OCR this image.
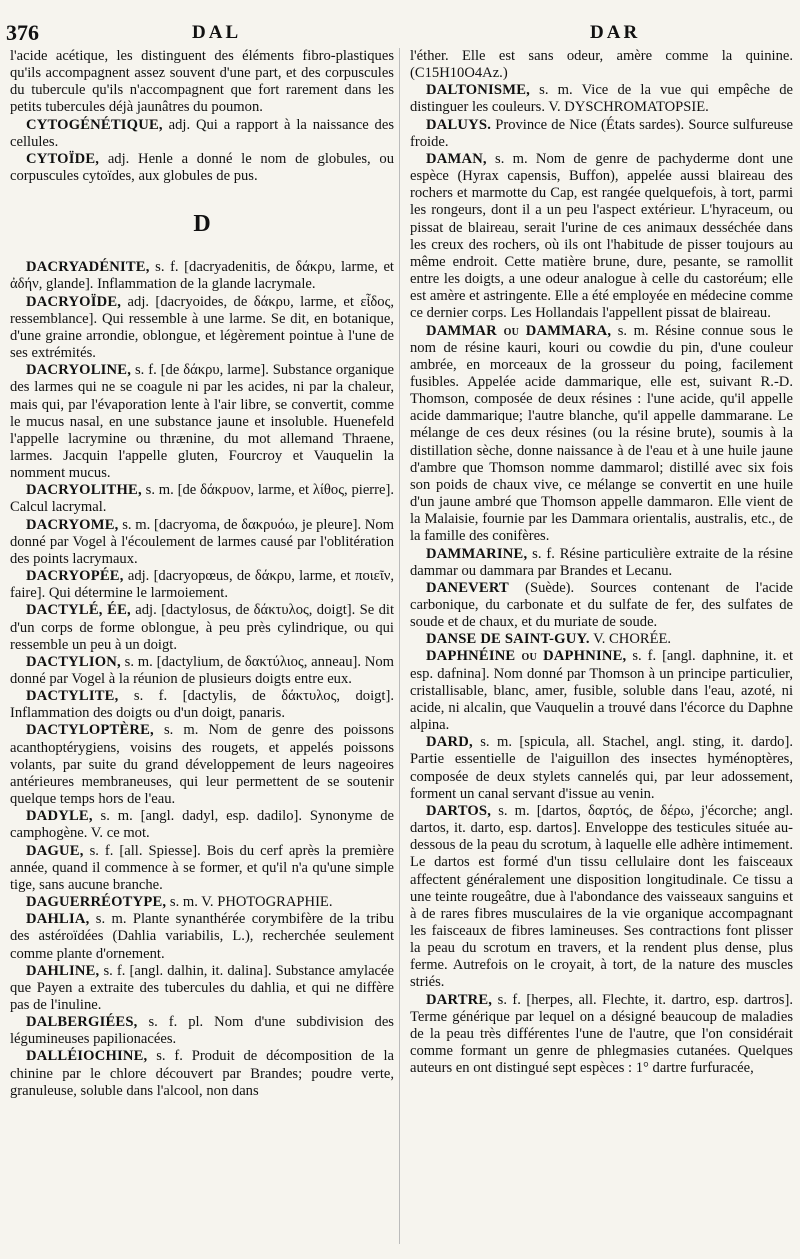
376	DAL	DAR

l'acide acétique, les distinguent des éléments fibro-plastiques qu'ils accompagnent assez souvent d'une part, et des corpuscules du tubercule qu'ils n'accompagnent que fort rarement dans les petits tubercules déjà jaunâtres du poumon.

CYTOGÉNÉTIQUE, adj. Qui a rapport à la naissance des cellules.

CYTOÏDE, adj. Henle a donné le nom de globules, ou corpuscules cytoïdes, aux globules de pus.

D

DACRYADÉNITE, s. f. [dacryadenitis, de δάκρυ, larme, et ἀδήν, glande]. Inflammation de la glande lacrymale.

DACRYOÏDE, adj. [dacryoides, de δάκρυ, larme, et εἶδος, ressemblance]. Qui ressemble à une larme. Se dit, en botanique, d'une graine arrondie, oblongue, et légèrement pointue à l'une de ses extrémités.

DACRYOLINE, s. f. [de δάκρυ, larme]. Substance organique des larmes qui ne se coagule ni par les acides, ni par la chaleur, mais qui, par l'évaporation lente à l'air libre, se convertit, comme le mucus nasal, en une substance jaune et insoluble. Huenefeld l'appelle lacrymine ou thrænine, du mot allemand Thraene, larmes. Jacquin l'appelle gluten, Fourcroy et Vauquelin la nomment mucus.

DACRYOLITHE, s. m. [de δάκρυον, larme, et λίθος, pierre]. Calcul lacrymal.

DACRYOME, s. m. [dacryoma, de δακρυόω, je pleure]. Nom donné par Vogel à l'écoulement de larmes causé par l'oblitération des points lacrymaux.

DACRYOPÉE, adj. [dacryopœus, de δάκρυ, larme, et ποιεῖν, faire]. Qui détermine le larmoiement.

DACTYLÉ, ÉE, adj. [dactylosus, de δάκτυλος, doigt]. Se dit d'un corps de forme oblongue, à peu près cylindrique, ou qui ressemble un peu à un doigt.

DACTYLION, s. m. [dactylium, de δακτύλιος, anneau]. Nom donné par Vogel à la réunion de plusieurs doigts entre eux.

DACTYLITE, s. f. [dactylis, de δάκτυλος, doigt]. Inflammation des doigts ou d'un doigt, panaris.

DACTYLOPTÈRE, s. m. Nom de genre des poissons acanthoptérygiens, voisins des rougets, et appelés poissons volants, par suite du grand développement de leurs nageoires antérieures membraneuses, qui leur permettent de se soutenir quelque temps hors de l'eau.

DADYLE, s. m. [angl. dadyl, esp. dadilo]. Synonyme de camphogène. V. ce mot.

DAGUE, s. f. [all. Spiesse]. Bois du cerf après la première année, quand il commence à se former, et qu'il n'a qu'une simple tige, sans aucune branche.

DAGUERRÉOTYPE, s. m. V. PHOTOGRAPHIE.

DAHLIA, s. m. Plante synanthérée corymbifère de la tribu des astéroïdées (Dahlia variabilis, L.), recherchée seulement comme plante d'ornement.

DAHLINE, s. f. [angl. dalhin, it. dalina]. Substance amylacée que Payen a extraite des tubercules du dahlia, et qui ne diffère pas de l'inuline.

DALBERGIÉES, s. f. pl. Nom d'une subdivision des légumineuses papilionacées.

DALLÉIOCHINE, s. f. Produit de décomposition de la chinine par le chlore découvert par Brandes; poudre verte, granuleuse, soluble dans l'alcool, non dans

l'éther. Elle est sans odeur, amère comme la quinine. (C15H10O4Az.)

DALTONISME, s. m. Vice de la vue qui empêche de distinguer les couleurs. V. DYSCHROMATOPSIE.

DALUYS. Province de Nice (États sardes). Source sulfureuse froide.

DAMAN, s. m. Nom de genre de pachyderme dont une espèce (Hyrax capensis, Buffon), appelée aussi blaireau des rochers et marmotte du Cap, est rangée quelquefois, à tort, parmi les rongeurs, dont il a un peu l'aspect extérieur. L'hyraceum, ou pissat de blaireau, serait l'urine de ces animaux desséchée dans les creux des rochers, où ils ont l'habitude de pisser toujours au même endroit. Cette matière brune, dure, pesante, se ramollit entre les doigts, a une odeur analogue à celle du castoréum; elle est amère et astringente. Elle a été employée en médecine comme ce dernier corps. Les Hollandais l'appellent pissat de blaireau.

DAMMAR ou DAMMARA, s. m. Résine connue sous le nom de résine kauri, kouri ou cowdie du pin, d'une couleur ambrée, en morceaux de la grosseur du poing, facilement fusibles. Appelée acide dammarique, elle est, suivant R.-D. Thomson, composée de deux résines : l'une acide, qu'il appelle acide dammarique; l'autre blanche, qu'il appelle dammarane. Le mélange de ces deux résines (ou la résine brute), soumis à la distillation sèche, donne naissance à de l'eau et à une huile jaune d'ambre que Thomson nomme dammarol; distillé avec six fois son poids de chaux vive, ce mélange se convertit en une huile d'un jaune ambré que Thomson appelle dammaron. Elle vient de la Malaisie, fournie par les Dammara orientalis, australis, etc., de la famille des conifères.

DAMMARINE, s. f. Résine particulière extraite de la résine dammar ou dammara par Brandes et Lecanu.

DANEVERT (Suède). Sources contenant de l'acide carbonique, du carbonate et du sulfate de fer, des sulfates de soude et de chaux, et du muriate de soude.

DANSE DE SAINT-GUY. V. CHORÉE.

DAPHNÉINE ou DAPHNINE, s. f. [angl. daphnine, it. et esp. dafnina]. Nom donné par Thomson à un principe particulier, cristallisable, blanc, amer, fusible, soluble dans l'eau, azoté, ni acide, ni alcalin, que Vauquelin a trouvé dans l'écorce du Daphne alpina.

DARD, s. m. [spicula, all. Stachel, angl. sting, it. dardo]. Partie essentielle de l'aiguillon des insectes hyménoptères, composée de deux stylets cannelés qui, par leur adossement, forment un canal servant d'issue au venin.

DARTOS, s. m. [dartos, δαρτός, de δέρω, j'écorche; angl. dartos, it. darto, esp. dartos]. Enveloppe des testicules située au-dessous de la peau du scrotum, à laquelle elle adhère intimement. Le dartos est formé d'un tissu cellulaire dont les faisceaux affectent généralement une disposition longitudinale. Ce tissu a une teinte rougeâtre, due à l'abondance des vaisseaux sanguins et à de rares fibres musculaires de la vie organique accompagnant les faisceaux de fibres lamineuses. Ses contractions font plisser la peau du scrotum en travers, et la rendent plus dense, plus ferme. Autrefois on le croyait, à tort, de la nature des muscles striés.

DARTRE, s. f. [herpes, all. Flechte, it. dartro, esp. dartros]. Terme générique par lequel on a désigné beaucoup de maladies de la peau très différentes l'une de l'autre, que l'on considérait comme formant un genre de phlegmasies cutanées. Quelques auteurs en ont distingué sept espèces : 1° dartre furfuracée,
